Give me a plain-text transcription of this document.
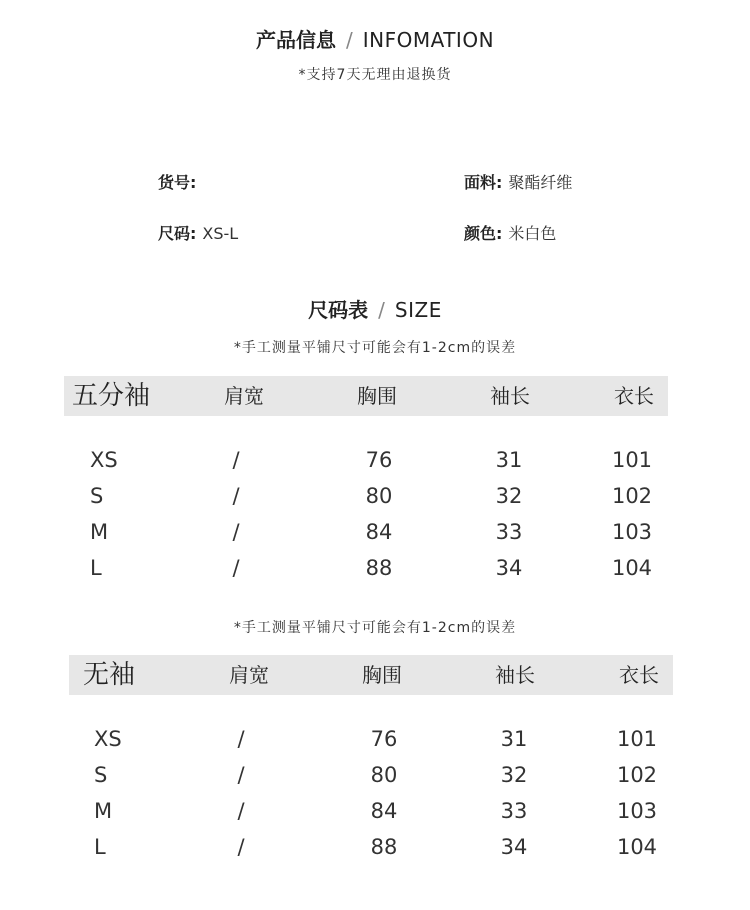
产品信息 / INFOMATION
*支持7天无理由退换货
货号:	面料: 聚酯纤维
尺码: XS-L	颜色: 米白色
尺码表 / SIZE
*手工测量平铺尺寸可能会有1-2cm的误差
五分袖	肩宽	胸围	袖长	衣长
XS	/	76	31	101
S	/	80	32	102
M	/	84	33	103
L	/	88	34	104
*手工测量平铺尺寸可能会有1-2cm的误差
无袖	肩宽	胸围	袖长	衣长
XS	/	76	31	101
S	/	80	32	102
M	/	84	33	103
L	/	88	34	104
